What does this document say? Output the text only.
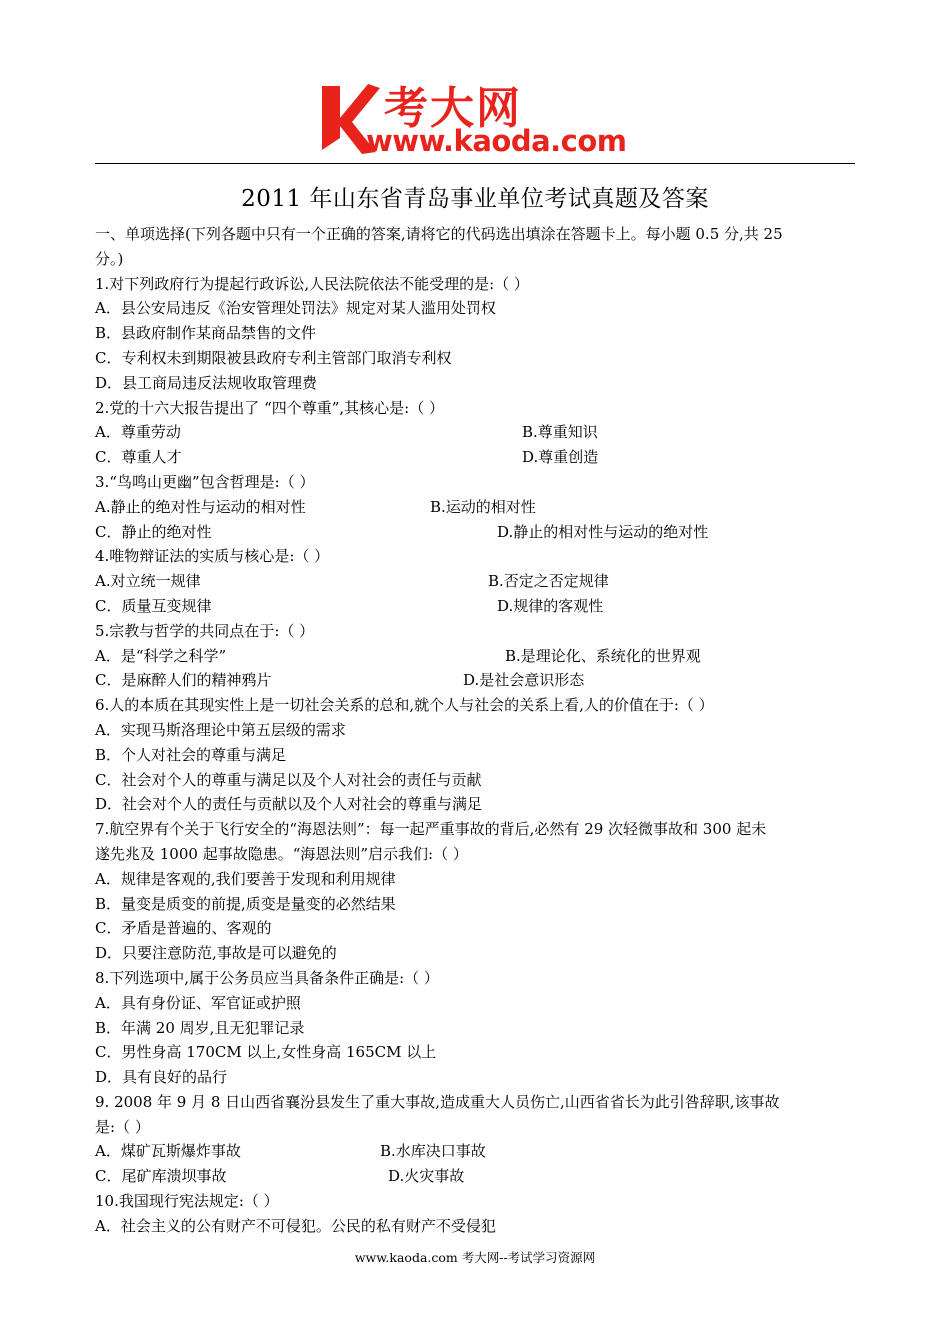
考大网
www.kaoda.com
2011 年山东省青岛事业单位考试真题及答案
一、单项选择(下列各题中只有一个正确的答案,请将它的代码选出填涂在答题卡上。每小题 0.5 分,共 25
分。)
1.对下列政府行为提起行政诉讼,人民法院依法不能受理的是:（ ）
A．县公安局违反《治安管理处罚法》规定对某人滥用处罚权
B．县政府制作某商品禁售的文件
C．专利权未到期限被县政府专利主管部门取消专利权
D．县工商局违反法规收取管理费
2.党的十六大报告提出了 “四个尊重”,其核心是:（ ）
A．尊重劳动	B.尊重知识
C．尊重人才	D.尊重创造
3.“鸟鸣山更幽”包含哲理是:（ ）
A.静止的绝对性与运动的相对性	B.运动的相对性
C．静止的绝对性	D.静止的相对性与运动的绝对性
4.唯物辩证法的实质与核心是:（ ）
A.对立统一规律	B.否定之否定规律
C．质量互变规律	D.规律的客观性
5.宗教与哲学的共同点在于:（ ）
A．是“科学之科学”	B.是理论化、系统化的世界观
C．是麻醉人们的精神鸦片	D.是社会意识形态
6.人的本质在其现实性上是一切社会关系的总和,就个人与社会的关系上看,人的价值在于:（ ）
A．实现马斯洛理论中第五层级的需求
B．个人对社会的尊重与满足
C．社会对个人的尊重与满足以及个人对社会的责任与贡献
D．社会对个人的责任与贡献以及个人对社会的尊重与满足
7.航空界有个关于飞行安全的“海恩法则”：每一起严重事故的背后,必然有 29 次轻微事故和 300 起未
遂先兆及 1000 起事故隐患。“海恩法则”启示我们:（ ）
A．规律是客观的,我们要善于发现和利用规律
B．量变是质变的前提,质变是量变的必然结果
C．矛盾是普遍的、客观的
D．只要注意防范,事故是可以避免的
8.下列选项中,属于公务员应当具备条件正确是:（ ）
A．具有身份证、军官证或护照
B．年满 20 周岁,且无犯罪记录
C．男性身高 170CM 以上,女性身高 165CM 以上
D．具有良好的品行
9. 2008 年 9 月 8 日山西省襄汾县发生了重大事故,造成重大人员伤亡,山西省省长为此引咎辞职,该事故
是:（ ）
A．煤矿瓦斯爆炸事故	B.水库决口事故
C．尾矿库溃坝事故	D.火灾事故
10.我国现行宪法规定:（ ）
A．社会主义的公有财产不可侵犯。公民的私有财产不受侵犯
www.kaoda.com 考大网--考试学习资源网
